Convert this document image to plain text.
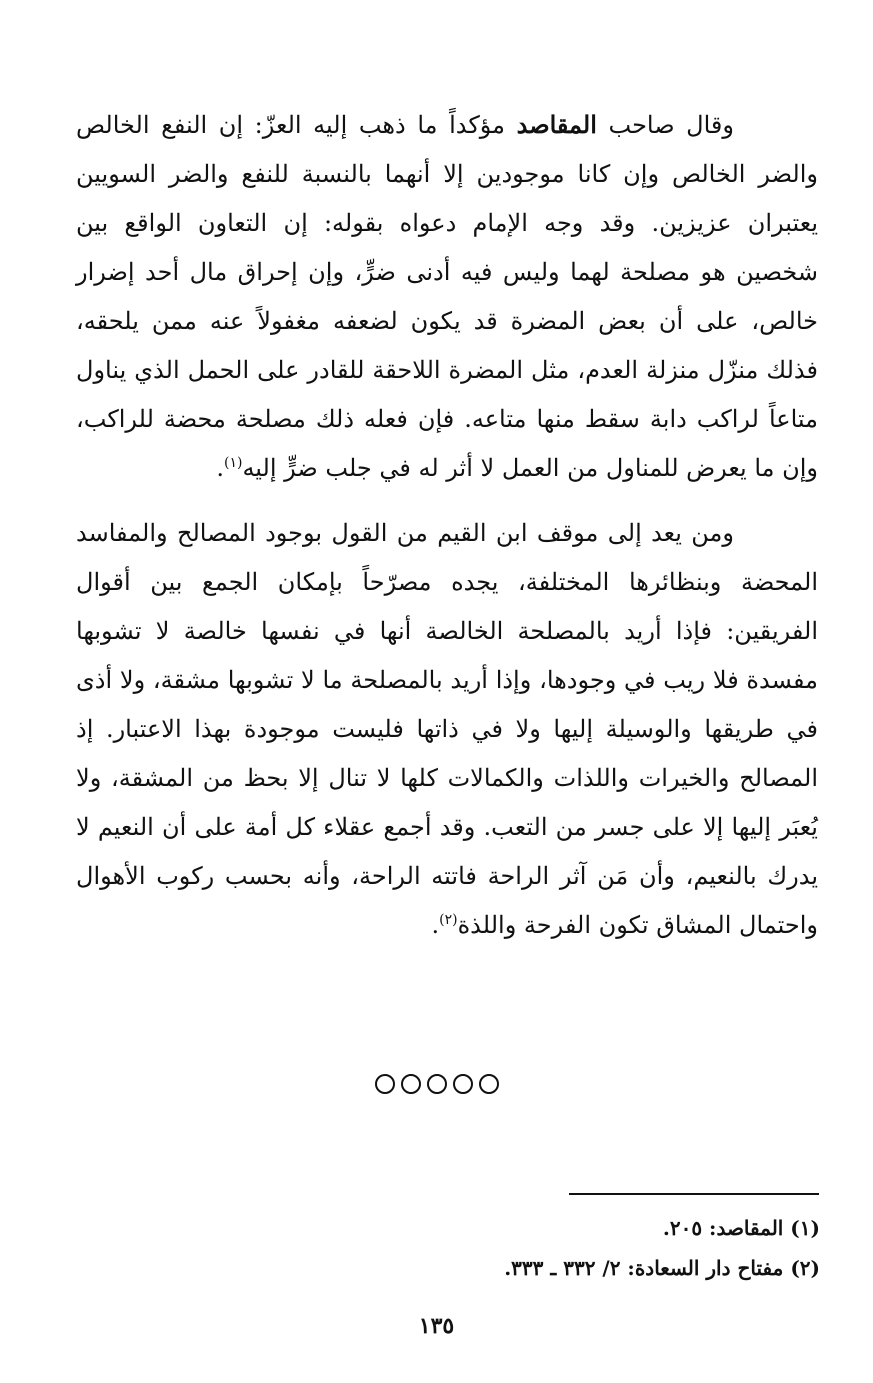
وقال صاحب المقاصد مؤكداً ما ذهب إليه العزّ: إن النفع الخالص والضر الخالص وإن كانا موجودين إلا أنهما بالنسبة للنفع والضر السويين يعتبران عزيزين. وقد وجه الإمام دعواه بقوله: إن التعاون الواقع بين شخصين هو مصلحة لهما وليس فيه أدنى ضرٍّ، وإن إحراق مال أحد إضرار خالص، على أن بعض المضرة قد يكون لضعفه مغفولاً عنه ممن يلحقه، فذلك منزّل منزلة العدم، مثل المضرة اللاحقة للقادر على الحمل الذي يناول متاعاً لراكب دابة سقط منها متاعه. فإن فعله ذلك مصلحة محضة للراكب، وإن ما يعرض للمناول من العمل لا أثر له في جلب ضرٍّ إليه$^{(١)}$.

ومن يعد إلى موقف ابن القيم من القول بوجود المصالح والمفاسد المحضة وبنظائرها المختلفة، يجده مصرّحاً بإمكان الجمع بين أقوال الفريقين: فإذا أريد بالمصلحة الخالصة أنها في نفسها خالصة لا تشوبها مفسدة فلا ريب في وجودها، وإذا أريد بالمصلحة ما لا تشوبها مشقة، ولا أذى في طريقها والوسيلة إليها ولا في ذاتها فليست موجودة بهذا الاعتبار. إذ المصالح والخيرات واللذات والكمالات كلها لا تنال إلا بحظ من المشقة، ولا يُعبَر إليها إلا على جسر من التعب. وقد أجمع عقلاء كل أمة على أن النعيم لا يدرك بالنعيم، وأن مَن آثر الراحة فاتته الراحة، وأنه بحسب ركوب الأهوال واحتمال المشاق تكون الفرحة واللذة$^{(٢)}$.

(١) المقاصد: ٢٠٥.
(٢) مفتاح دار السعادة: ٢/ ٣٣٢ ـ ٣٣٣.
١٣٥
